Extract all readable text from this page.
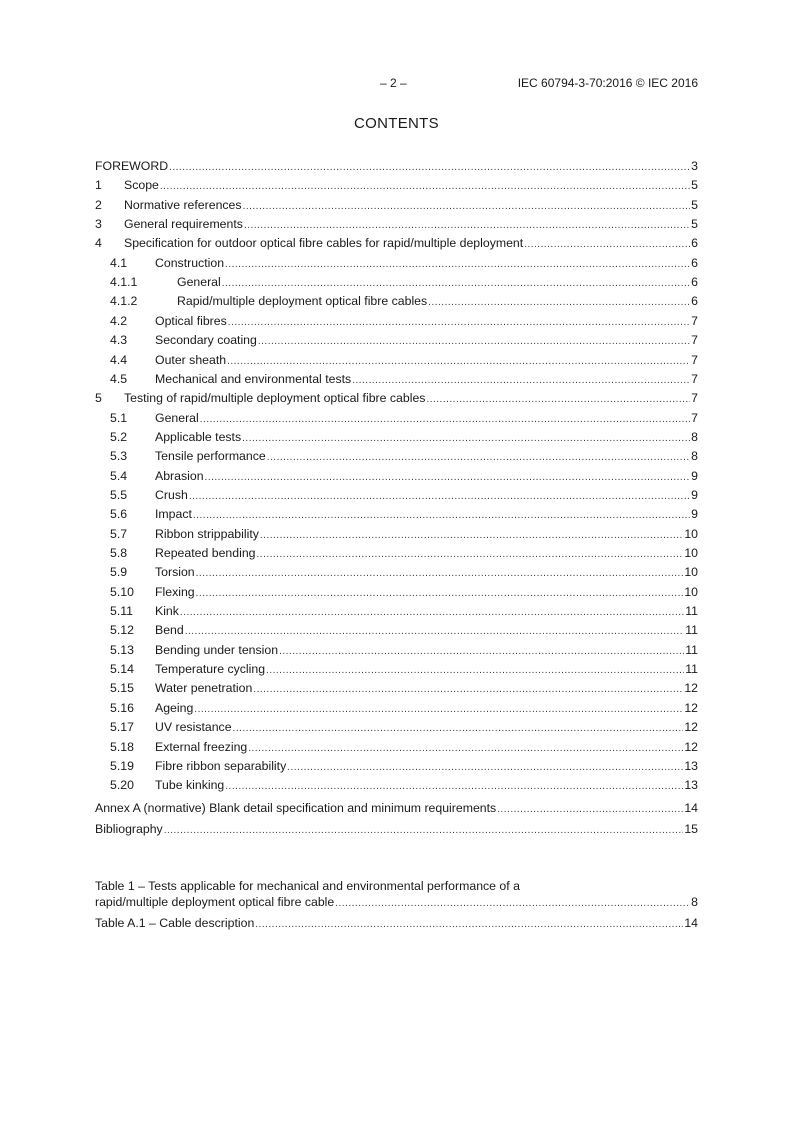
– 2 –	IEC 60794-3-70:2016 © IEC 2016
CONTENTS
FOREWORD .....	3
1	Scope .....	5
2	Normative references .....	5
3	General requirements .....	5
4	Specification for outdoor optical fibre cables for rapid/multiple deployment .....	6
4.1	Construction .....	6
4.1.1	General .....	6
4.1.2	Rapid/multiple deployment optical fibre cables .....	6
4.2	Optical fibres .....	7
4.3	Secondary coating .....	7
4.4	Outer sheath .....	7
4.5	Mechanical and environmental tests .....	7
5	Testing of rapid/multiple deployment optical fibre cables .....	7
5.1	General .....	7
5.2	Applicable tests .....	8
5.3	Tensile performance .....	8
5.4	Abrasion .....	9
5.5	Crush .....	9
5.6	Impact .....	9
5.7	Ribbon strippability .....	10
5.8	Repeated bending .....	10
5.9	Torsion .....	10
5.10	Flexing .....	10
5.11	Kink .....	11
5.12	Bend .....	11
5.13	Bending under tension .....	11
5.14	Temperature cycling .....	11
5.15	Water penetration .....	12
5.16	Ageing .....	12
5.17	UV resistance .....	12
5.18	External freezing .....	12
5.19	Fibre ribbon separability .....	13
5.20	Tube kinking .....	13
Annex A (normative) Blank detail specification and minimum requirements .....	14
Bibliography .....	15
Table 1 – Tests applicable for mechanical and environmental performance of a
rapid/multiple deployment optical fibre cable .....	8
Table A.1 – Cable description .....	14
